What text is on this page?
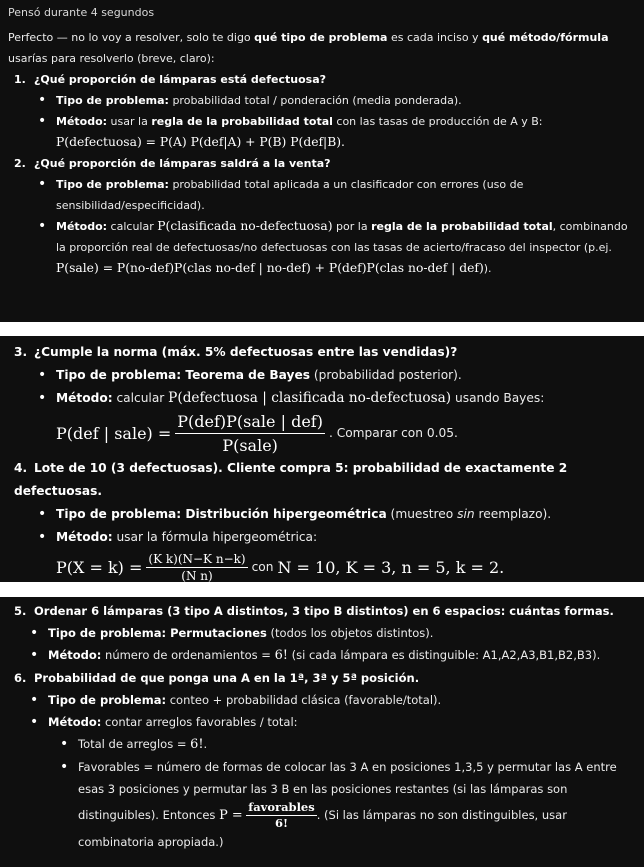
Pensó durante 4 segundos
Perfecto — no lo voy a resolver, solo te digo qué tipo de problema es cada inciso y qué método/fórmula usarías para resolverlo (breve, claro):
1. ¿Qué proporción de lámparas está defectuosa?
• Tipo de problema: probabilidad total / ponderación (media ponderada).
• Método: usar la regla de la probabilidad total con las tasas de producción de A y B:
P(defectuosa) = P(A) P(def|A) + P(B) P(def|B).
2. ¿Qué proporción de lámparas saldrá a la venta?
• Tipo de problema: probabilidad total aplicada a un clasificador con errores (uso de sensibilidad/especificidad).
• Método: calcular P(clasificada no-defectuosa) por la regla de la probabilidad total, combinando la proporción real de defectuosas/no defectuosas con las tasas de acierto/fracaso del inspector (p.ej. P(sale) = P(no-def)P(clas no-def | no-def) + P(def)P(clas no-def | def)).
3. ¿Cumple la norma (máx. 5% defectuosas entre las vendidas)?
• Tipo de problema: Teorema de Bayes (probabilidad posterior).
• Método: calcular P(defectuosa | clasificada no-defectuosa) usando Bayes:
P(def | sale) = $\frac{\text{P(def)P(sale | def)}}{\text{P(sale)}}$ . Comparar con 0.05.
4. Lote de 10 (3 defectuosas). Cliente compra 5: probabilidad de exactamente 2 defectuosas.
• Tipo de problema: Distribución hipergeométrica (muestreo sin reemplazo).
• Método: usar la fórmula hipergeométrica:
$P(X = k) = \frac{\text{(K k)(N−K n−k)}}{\text{(N n)}}$ con N = 10, K = 3, n = 5, k = 2.
5. Ordenar 6 lámparas (3 tipo A distintos, 3 tipo B distintos) en 6 espacios: cuántas formas.
• Tipo de problema: Permutaciones (todos los objetos distintos).
• Método: número de ordenamientos = 6! (si cada lámpara es distinguible: A1,A2,A3,B1,B2,B3).
6. Probabilidad de que ponga una A en la 1ª, 3ª y 5ª posición.
• Tipo de problema: conteo + probabilidad clásica (favorable/total).
• Método: contar arreglos favorables / total:
• Total de arreglos = 6!.
• Favorables = número de formas de colocar las 3 A en posiciones 1,3,5 y permutar las A entre esas 3 posiciones y permutar las 3 B en las posiciones restantes (si las lámparas son distinguibles). Entonces $P = \frac{\text{favorables}}{6!}$ . (Si las lámparas no son distinguibles, usar combinatoria apropiada.)
